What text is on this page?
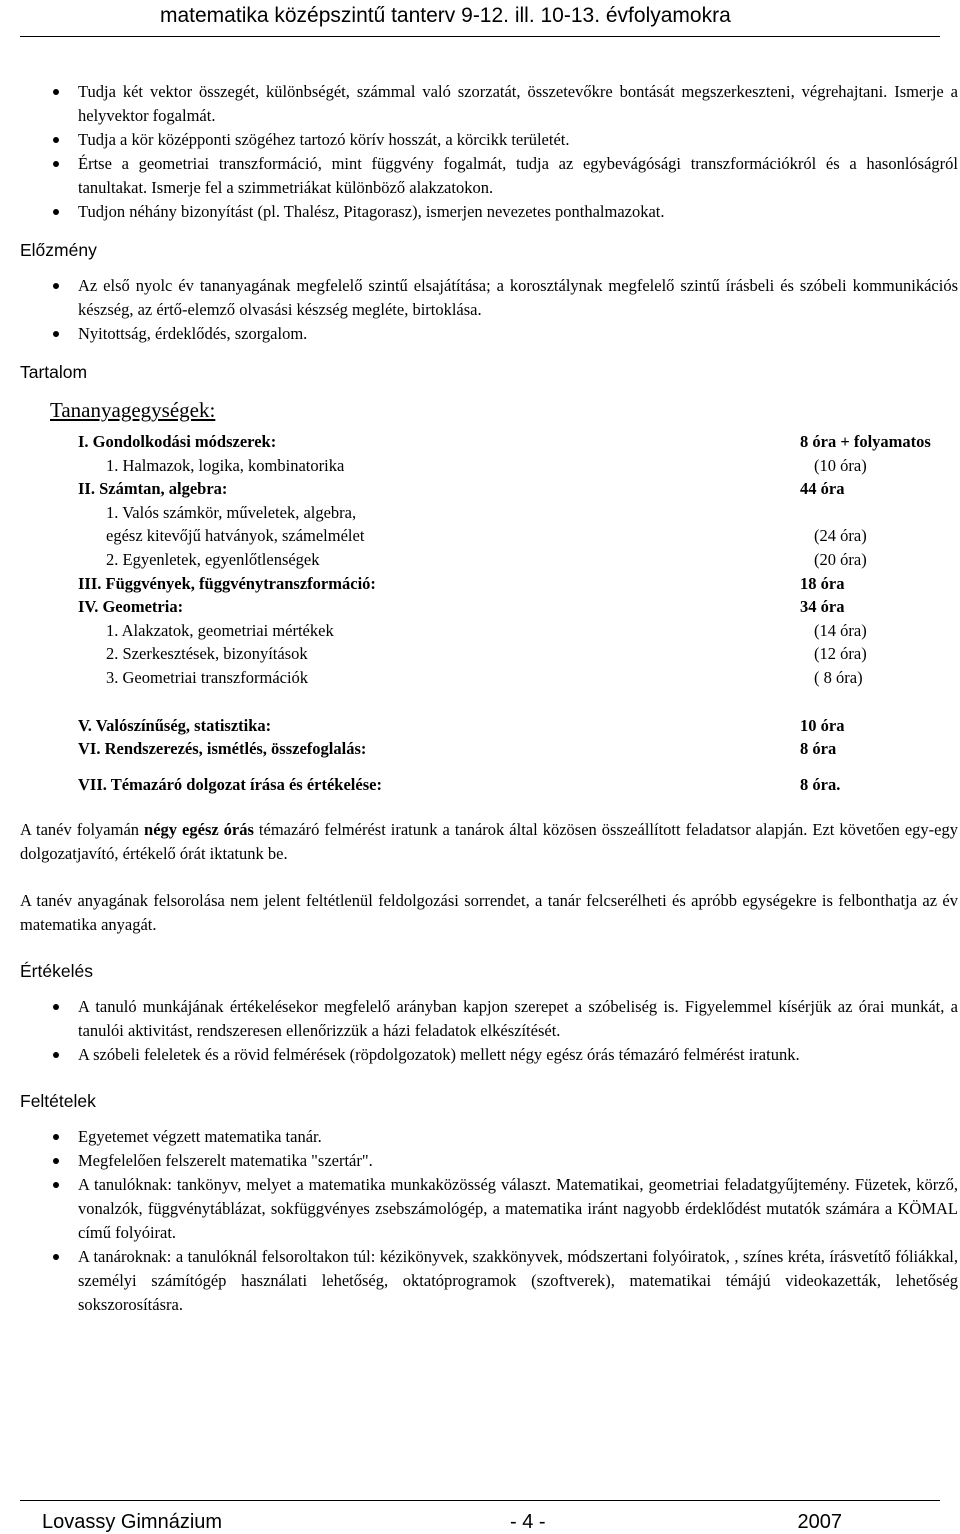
matematika középszintű tanterv 9-12. ill. 10-13. évfolyamokra
Tudja két vektor összegét, különbségét, számmal való szorzatát, összetevőkre bontását megszerkeszteni, végrehajtani. Ismerje a helyvektor fogalmát.
Tudja a kör középponti szögéhez tartozó körív hosszát, a körcikk területét.
Értse a geometriai transzformáció, mint függvény fogalmát, tudja az egybevágósági transzformációkról és a hasonlóságról tanultakat. Ismerje fel a szimmetriákat különböző alakzatokon.
Tudjon néhány bizonyítást (pl. Thalész, Pitagorasz), ismerjen nevezetes ponthalmazokat.
Előzmény
Az első nyolc év tananyagának megfelelő szintű elsajátítása; a korosztálynak megfelelő szintű írásbeli és szóbeli kommunikációs készség, az értő-elemző olvasási készség megléte, birtoklása.
Nyitottság, érdeklődés, szorgalom.
Tartalom
Tananyagegységek:
I. Gondolkodási módszerek:	8 óra + folyamatos
1. Halmazok, logika, kombinatorika	(10 óra)
II. Számtan, algebra:	44 óra
1. Valós számkör, műveletek, algebra,
egész kitevőjű hatványok, számelmélet	(24 óra)
2. Egyenletek, egyenlőtlenségek	(20 óra)
III. Függvények, függvénytranszformáció:	18 óra
IV. Geometria:	34 óra
1. Alakzatok, geometriai mértékek	(14 óra)
2. Szerkesztések, bizonyítások	(12 óra)
3. Geometriai transzformációk	( 8 óra)
V. Valószínűség, statisztika:	10 óra
VI. Rendszerezés, ismétlés, összefoglalás:	8 óra
VII. Témazáró dolgozat írása és értékelése:	8 óra.

A tanév folyamán négy egész órás témazáró felmérést iratunk a tanárok által közösen összeállított feladatsor alapján. Ezt követően egy-egy dolgozatjavító, értékelő órát iktatunk be.

A tanév anyagának felsorolása nem jelent feltétlenül feldolgozási sorrendet, a tanár felcserélheti és apróbb egységekre is felbonthatja az év matematika anyagát.

Értékelés
A tanuló munkájának értékelésekor megfelelő arányban kapjon szerepet a szóbeliség is. Figyelemmel kísérjük az órai munkát, a tanulói aktivitást, rendszeresen ellenőrizzük a házi feladatok elkészítését.
A szóbeli feleletek és a rövid felmérések (röpdolgozatok) mellett négy egész órás témazáró felmérést iratunk.
Feltételek
Egyetemet végzett matematika tanár.
Megfelelően felszerelt matematika "szertár".
A tanulóknak: tankönyv, melyet a matematika munkaközösség választ. Matematikai, geometriai feladatgyűjtemény. Füzetek, körző, vonalzók, függvénytáblázat, sokfüggvényes zsebszámológép, a matematika iránt nagyobb érdeklődést mutatók számára a KÖMAL című folyóirat.
A tanároknak: a tanulóknál felsoroltakon túl: kézikönyvek, szakkönyvek, módszertani folyóiratok, , színes kréta, írásvetítő fóliákkal, személyi számítógép használati lehetőség, oktatóprogramok (szoftverek), matematikai témájú videokazetták, lehetőség sokszorosításra.
Lovassy Gimnázium	- 4 -	2007
